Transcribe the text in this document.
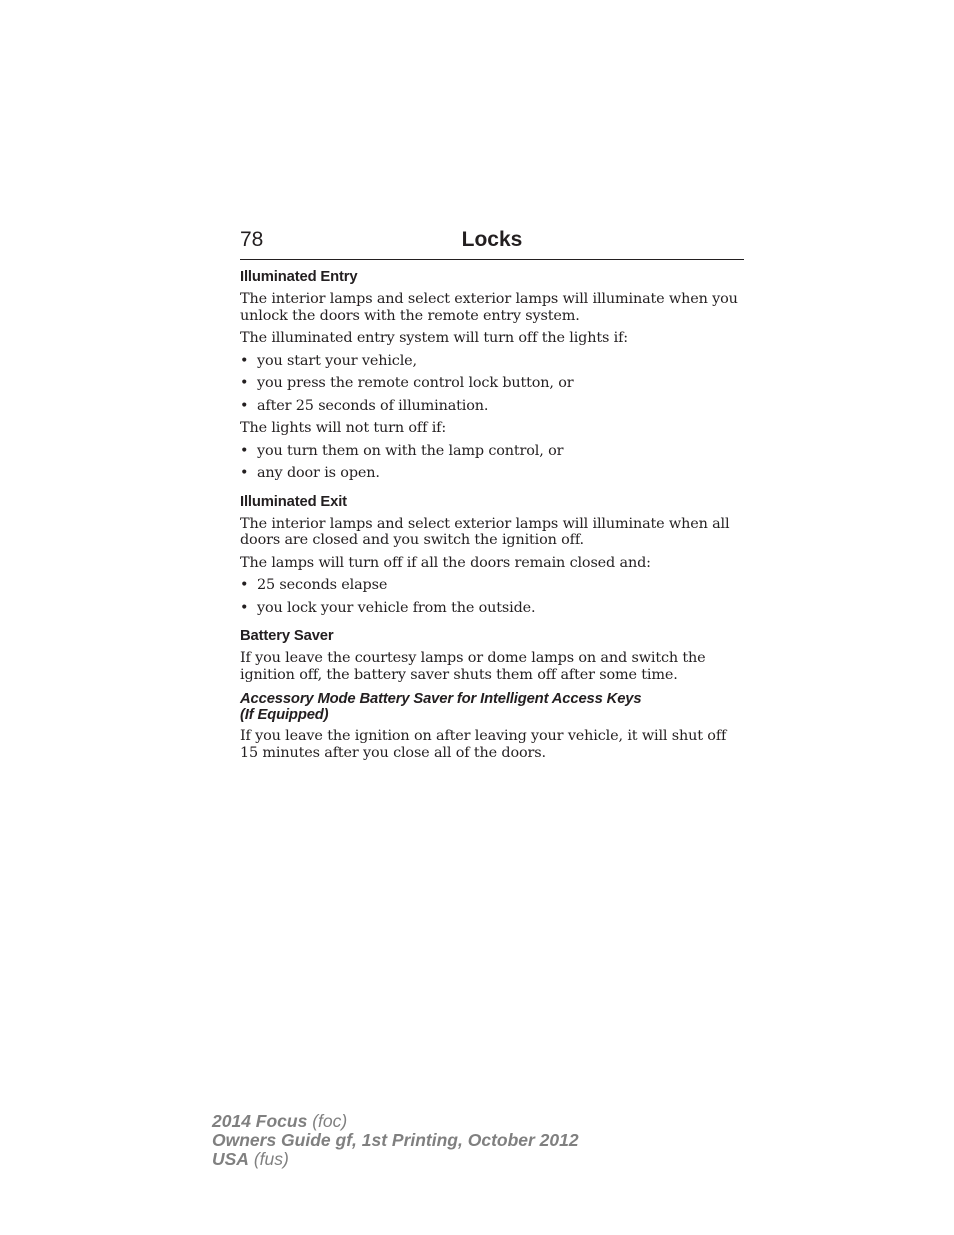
78	Locks
Illuminated Entry

The interior lamps and select exterior lamps will illuminate when you unlock the doors with the remote entry system.

The illuminated entry system will turn off the lights if:

• you start your vehicle,
• you press the remote control lock button, or
• after 25 seconds of illumination.

The lights will not turn off if:

• you turn them on with the lamp control, or
• any door is open.
Illuminated Exit

The interior lamps and select exterior lamps will illuminate when all doors are closed and you switch the ignition off.

The lamps will turn off if all the doors remain closed and:

• 25 seconds elapse
• you lock your vehicle from the outside.
Battery Saver

If you leave the courtesy lamps or dome lamps on and switch the ignition off, the battery saver shuts them off after some time.

Accessory Mode Battery Saver for Intelligent Access Keys
(If Equipped)

If you leave the ignition on after leaving your vehicle, it will shut off
15 minutes after you close all of the doors.

2014 Focus (foc)
Owners Guide gf, 1st Printing, October 2012
USA (fus)
